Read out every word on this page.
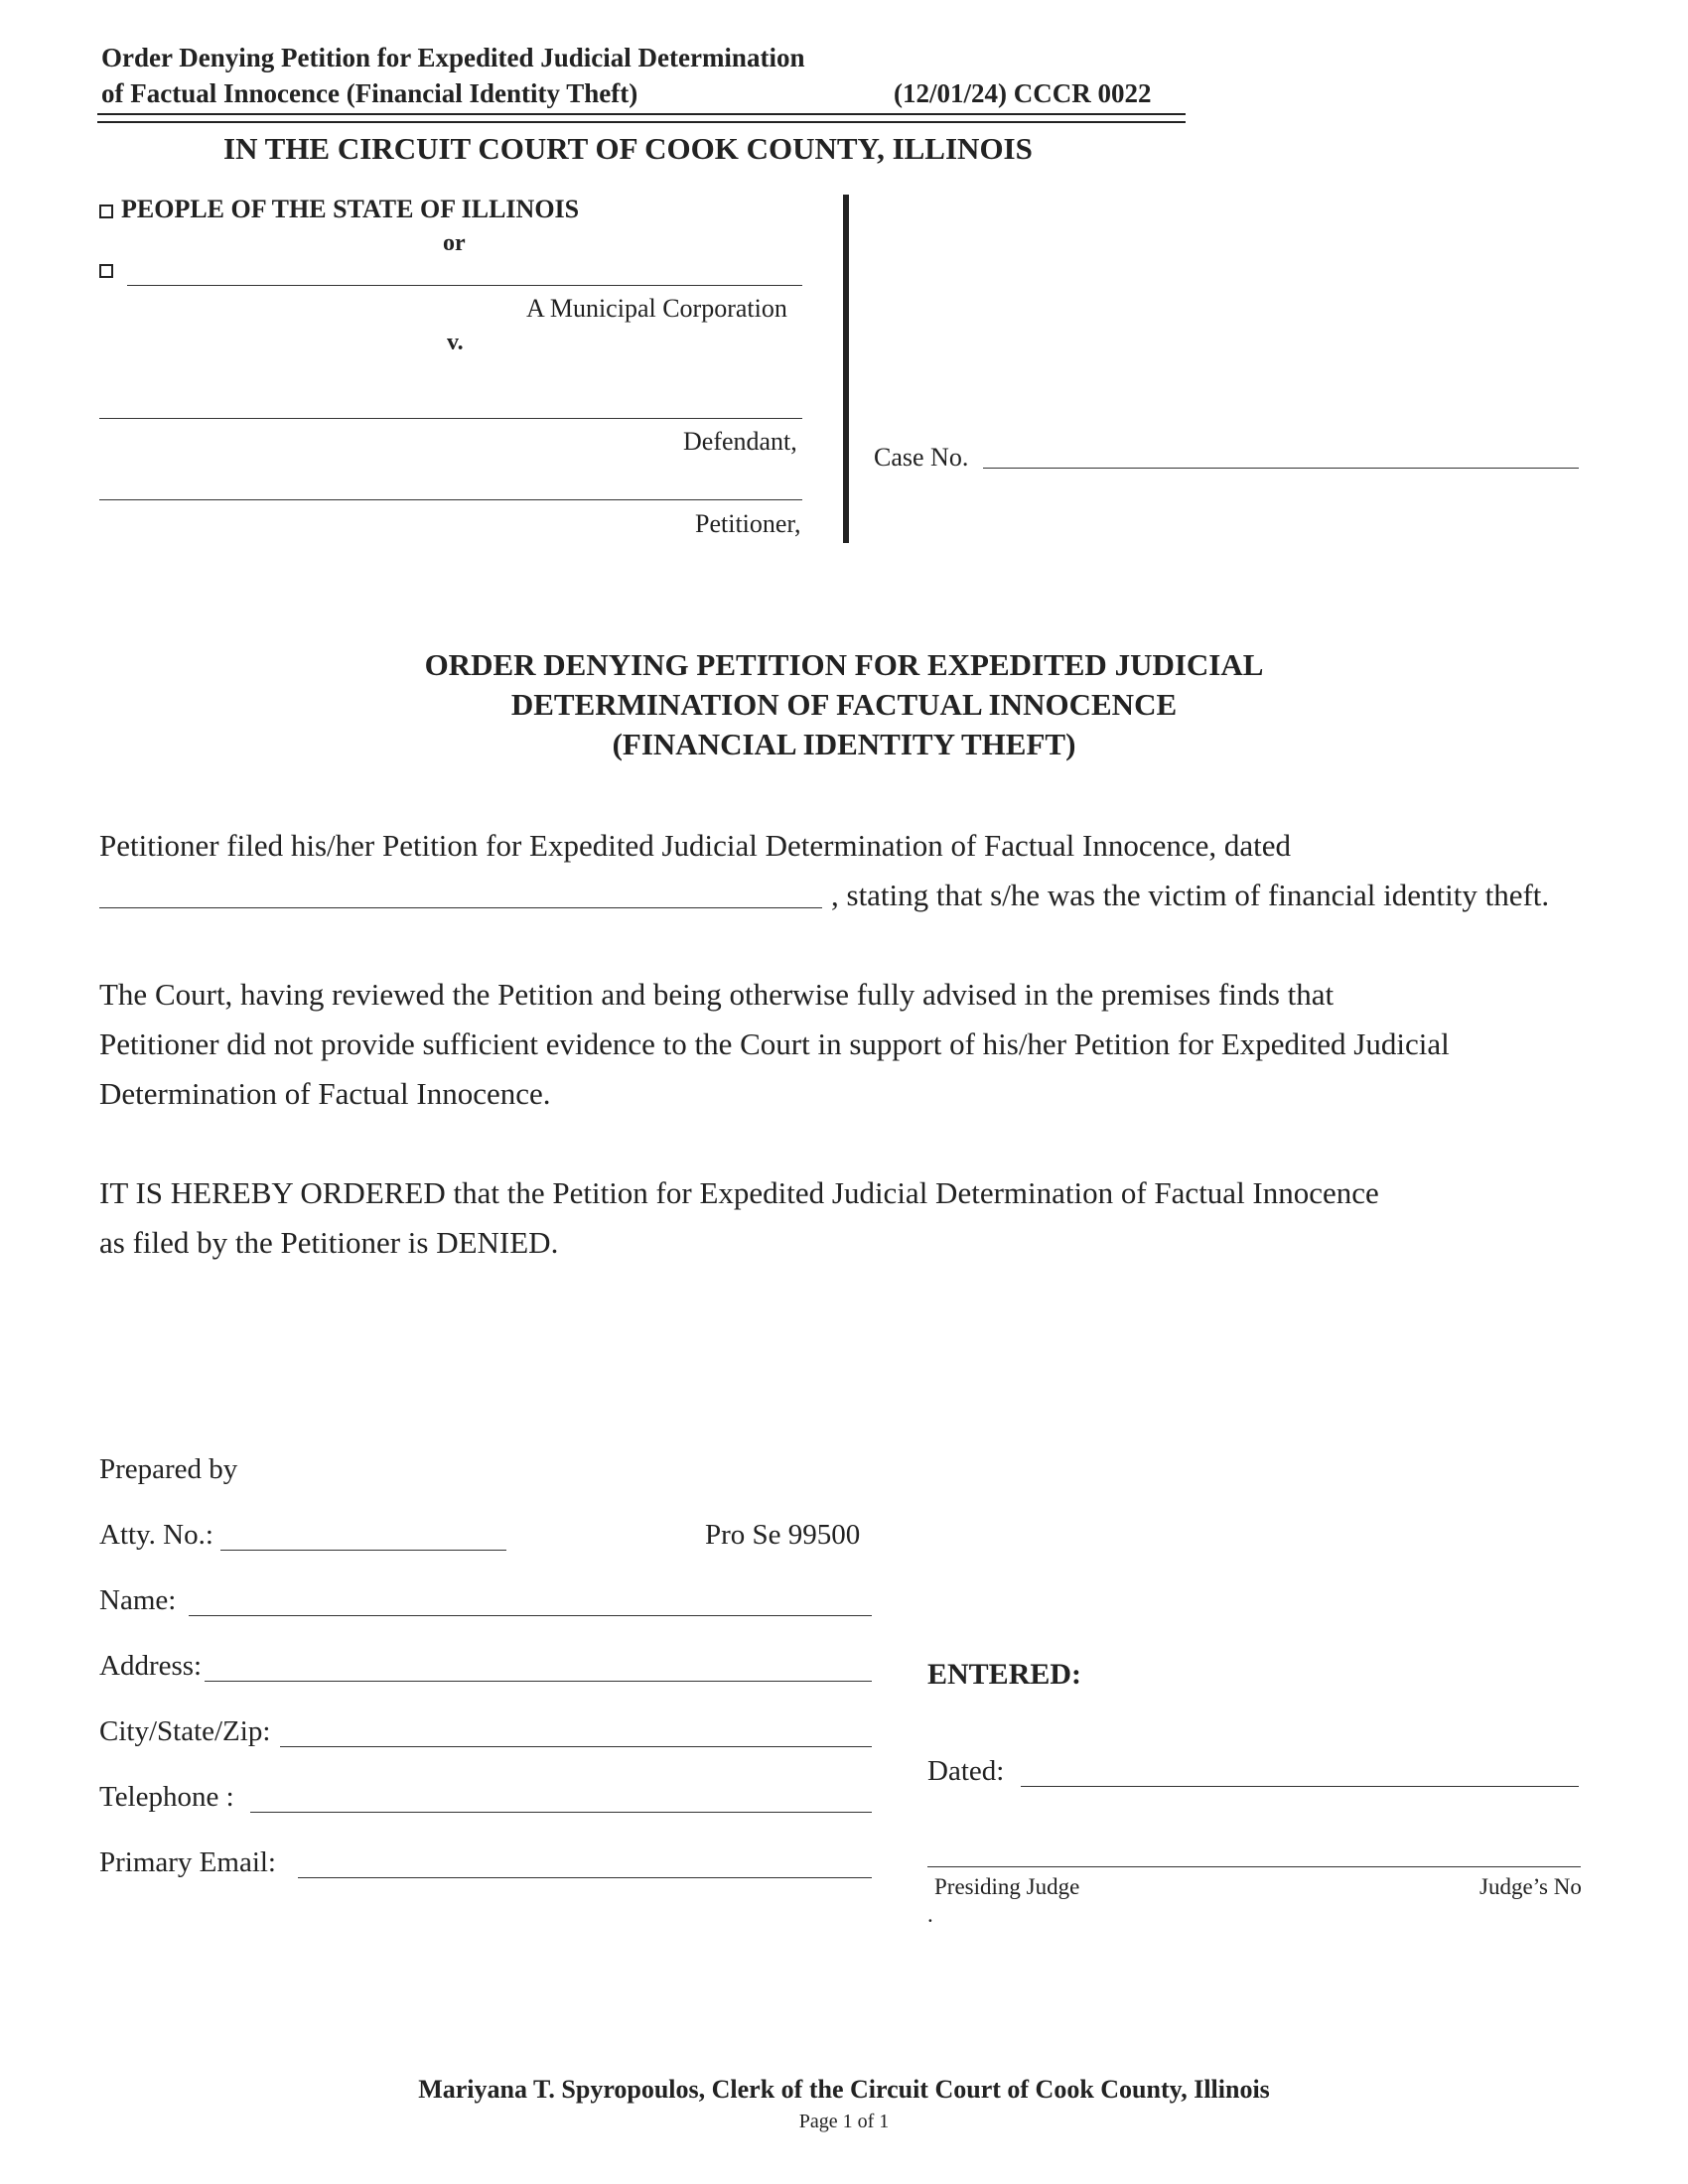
Order Denying Petition for Expedited Judicial Determination
of Factual Innocence (Financial Identity Theft)	(12/01/24) CCCR 0022
IN THE CIRCUIT COURT OF COOK COUNTY, ILLINOIS
PEOPLE OF THE STATE OF ILLINOIS
or
A Municipal Corporation
v.
Defendant,
Petitioner,
Case No.
ORDER DENYING PETITION FOR EXPEDITED JUDICIAL
DETERMINATION OF FACTUAL INNOCENCE
(FINANCIAL IDENTITY THEFT)
Petitioner filed his/her Petition for Expedited Judicial Determination of Factual Innocence, dated
, stating that s/he was the victim of financial identity theft.
The Court, having reviewed the Petition and being otherwise fully advised in the premises finds that
Petitioner did not provide sufficient evidence to the Court in support of his/her Petition for Expedited Judicial
Determination of Factual Innocence.
IT IS HEREBY ORDERED that the Petition for Expedited Judicial Determination of Factual Innocence
as filed by the Petitioner is DENIED.
Prepared by
Atty. No.:	Pro Se 99500
Name:
Address:
City/State/Zip:
Telephone :
Primary Email:
ENTERED:
Dated:
Presiding Judge	Judge’s No
.
Mariyana T. Spyropoulos, Clerk of the Circuit Court of Cook County, Illinois
Page 1 of 1
